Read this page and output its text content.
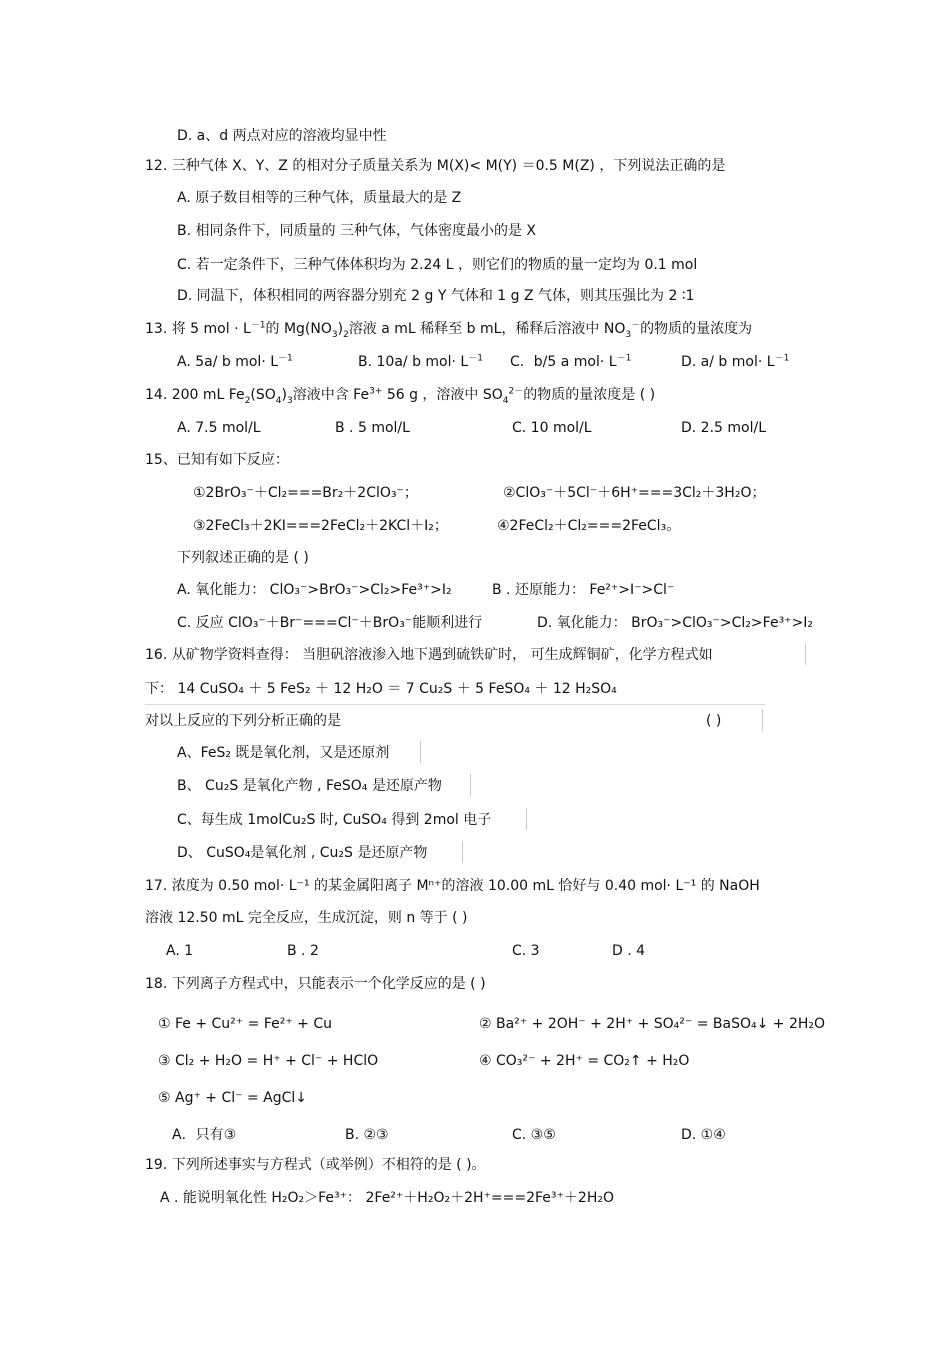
D. a、d 两点对应的溶液均显中性
12. 三种气体 X、Y、Z 的相对分子质量关系为 M(X)< M(Y) ＝0.5 M(Z) ，下列说法正确的是
A. 原子数目相等的三种气体，质量最大的是 Z
B. 相同条件下，同质量的 三种气体，气体密度最小的是 X
C. 若一定条件下，三种气体体积均为 2.24 L ，则它们的物质的量一定均为 0.1 mol
D. 同温下，体积相同的两容器分别充 2 g Y 气体和 1 g Z 气体，则其压强比为 2 ∶1
13. 将 5 mol · $L^{-1}$的 $Mg(NO_3)_2$溶液 a mL 稀释至 b mL，稀释后溶液中 $NO_3^-$的物质的量浓度为
A. 5a/ b $mol\cdot L^{-1}$	B. 10a/ b $mol\cdot L^{-1}$ C．b/5 a $mol\cdot L^{-1}$	D. a/ b $mol\cdot L^{-1}$
14. 200 mL $Fe_2(SO_4)_3$溶液中含 $Fe^{3+}$ 56 g ，溶液中 $SO_4^{2-}$的物质的量浓度是 ( )
A. 7.5 mol/L	B . 5 mol/L	C. 10 mol/L	D. 2.5 mol/L
15、已知有如下反应：
①2BrO₃⁻＋Cl₂===Br₂＋2ClO₃⁻；	②ClO₃⁻＋5Cl⁻＋6H⁺===3Cl₂＋3H₂O；
③2FeCl₃＋2KI===2FeCl₂＋2KCl＋I₂；	④2FeCl₂＋Cl₂===2FeCl₃。
下列叙述正确的是 ( )
A. 氧化能力： ClO₃⁻>BrO₃⁻>Cl₂>Fe³⁺>I₂	B . 还原能力： Fe²⁺>I⁻>Cl⁻
C. 反应 ClO₃⁻＋Br⁻===Cl⁻＋BrO₃⁻能顺利进行	D. 氧化能力： BrO₃⁻>ClO₃⁻>Cl₂>Fe³⁺>I₂
16. 从矿物学资料查得： 当胆矾溶液渗入地下遇到硫铁矿时， 可生成辉铜矿，化学方程式如
下： 14 CuSO₄ ＋ 5 FeS₂ ＋ 12 H₂O ＝ 7 Cu₂S ＋ 5 FeSO₄ ＋ 12 H₂SO₄
对以上反应的下列分析正确的是	( )
A、FeS₂ 既是氧化剂，又是还原剂
B、 Cu₂S 是氧化产物 , FeSO₄ 是还原产物
C、每生成 1molCu₂S 时, CuSO₄ 得到 2mol 电子
D、 CuSO₄是氧化剂 , Cu₂S 是还原产物
17. 浓度为 0.50 mol· L⁻¹ 的某金属阳离子 Mⁿ⁺的溶液 10.00 mL 恰好与 0.40 mol· L⁻¹ 的 NaOH
溶液 12.50 mL 完全反应，生成沉淀，则 n 等于 ( )
A. 1	B . 2	C. 3	D . 4
18. 下列离子方程式中，只能表示一个化学反应的是 ( )
① Fe + Cu²⁺ = Fe²⁺ + Cu	② Ba²⁺ + 2OH⁻ + 2H⁺ + SO₄²⁻ = BaSO₄↓ + 2H₂O
③ Cl₂ + H₂O = H⁺ + Cl⁻ + HClO	④ CO₃²⁻ + 2H⁺ = CO₂↑ + H₂O
⑤ Ag⁺ + Cl⁻ = AgCl↓
A．只有③	B. ②③	C. ③⑤	D. ①④
19. 下列所述事实与方程式（或举例）不相符的是 ( )。
A . 能说明氧化性 H₂O₂＞Fe³⁺： 2Fe²⁺＋H₂O₂＋2H⁺===2Fe³⁺＋2H₂O
